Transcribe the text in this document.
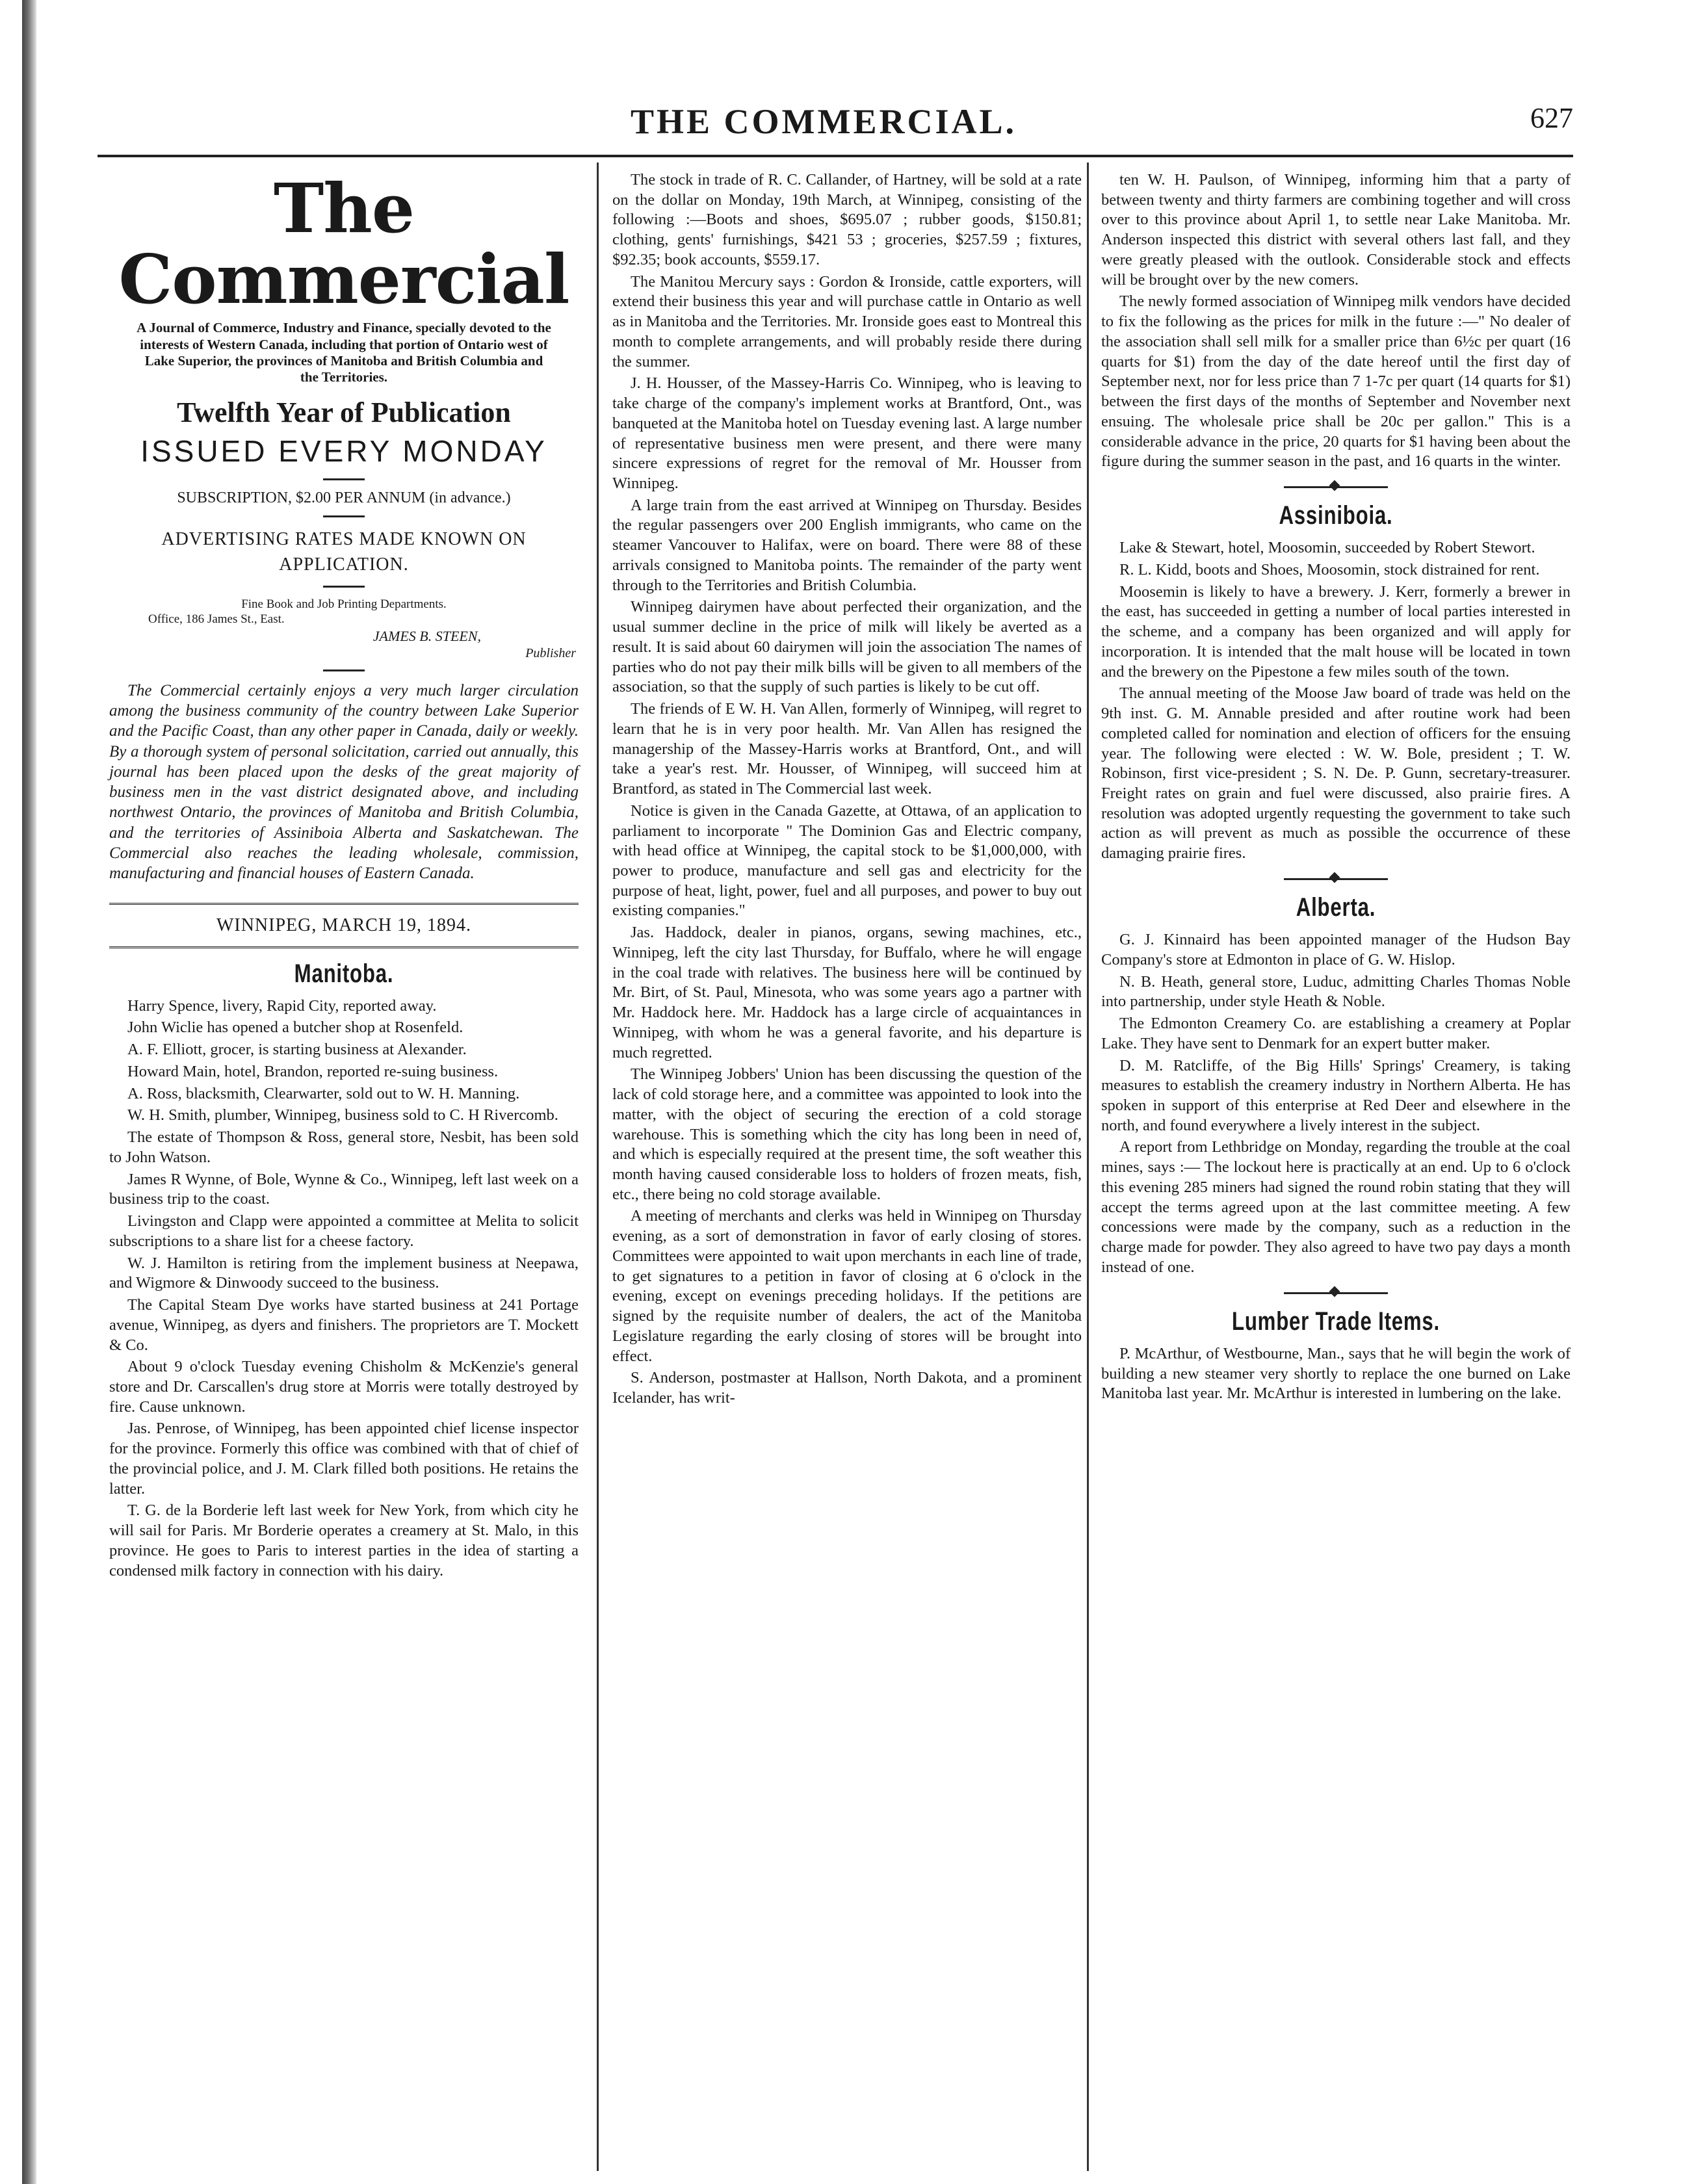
THE COMMERCIAL.	627
The Commercial
A Journal of Commerce, Industry and Finance, specially devoted to the interests of Western Canada, including that portion of Ontario west of Lake Superior, the provinces of Manitoba and British Columbia and the Territories.
Twelfth Year of Publication
ISSUED EVERY MONDAY
SUBSCRIPTION, $2.00 PER ANNUM (in advance.)
ADVERTISING RATES MADE KNOWN ON APPLICATION.
Fine Book and Job Printing Departments.
Office, 186 James St., East.
JAMES B. STEEN,
Publisher

The Commercial certainly enjoys a very much larger circulation among the business community of the country between Lake Superior and the Pacific Coast, than any other paper in Canada, daily or weekly. By a thorough system of personal solicitation, carried out annually, this journal has been placed upon the desks of the great majority of business men in the vast district designated above, and including northwest Ontario, the provinces of Manitoba and British Columbia, and the territories of Assiniboia Alberta and Saskatchewan. The Commercial also reaches the leading wholesale, commission, manufacturing and financial houses of Eastern Canada.

WINNIPEG, MARCH 19, 1894.
Manitoba.

Harry Spence, livery, Rapid City, reported away.

John Wiclie has opened a butcher shop at Rosenfeld.

A. F. Elliott, grocer, is starting business at Alexander.

Howard Main, hotel, Brandon, reported re-suing business.

A. Ross, blacksmith, Clearwarter, sold out to W. H. Manning.

W. H. Smith, plumber, Winnipeg, business sold to C. H Rivercomb.

The estate of Thompson & Ross, general store, Nesbit, has been sold to John Watson.

James R Wynne, of Bole, Wynne & Co., Winnipeg, left last week on a business trip to the coast.

Livingston and Clapp were appointed a committee at Melita to solicit subscriptions to a share list for a cheese factory.

W. J. Hamilton is retiring from the implement business at Neepawa, and Wigmore & Dinwoody succeed to the business.

The Capital Steam Dye works have started business at 241 Portage avenue, Winnipeg, as dyers and finishers. The proprietors are T. Mockett & Co.

About 9 o'clock Tuesday evening Chisholm & McKenzie's general store and Dr. Carscallen's drug store at Morris were totally destroyed by fire. Cause unknown.

Jas. Penrose, of Winnipeg, has been appointed chief license inspector for the province. Formerly this office was combined with that of chief of the provincial police, and J. M. Clark filled both positions. He retains the latter.

T. G. de la Borderie left last week for New York, from which city he will sail for Paris. Mr Borderie operates a creamery at St. Malo, in this province. He goes to Paris to interest parties in the idea of starting a condensed milk factory in connection with his dairy.

The stock in trade of R. C. Callander, of Hartney, will be sold at a rate on the dollar on Monday, 19th March, at Winnipeg, consisting of the following :—Boots and shoes, $695.07 ; rubber goods, $150.81; clothing, gents' furnishings, $421 53 ; groceries, $257.59 ; fixtures, $92.35; book accounts, $559.17.

The Manitou Mercury says : Gordon & Ironside, cattle exporters, will extend their business this year and will purchase cattle in Ontario as well as in Manitoba and the Territories. Mr. Ironside goes east to Montreal this month to complete arrangements, and will probably reside there during the summer.

J. H. Housser, of the Massey-Harris Co. Winnipeg, who is leaving to take charge of the company's implement works at Brantford, Ont., was banqueted at the Manitoba hotel on Tuesday evening last. A large number of representative business men were present, and there were many sincere expressions of regret for the removal of Mr. Housser from Winnipeg.

A large train from the east arrived at Winnipeg on Thursday. Besides the regular passengers over 200 English immigrants, who came on the steamer Vancouver to Halifax, were on board. There were 88 of these arrivals consigned to Manitoba points. The remainder of the party went through to the Territories and British Columbia.

Winnipeg dairymen have about perfected their organization, and the usual summer decline in the price of milk will likely be averted as a result. It is said about 60 dairymen will join the association The names of parties who do not pay their milk bills will be given to all members of the association, so that the supply of such parties is likely to be cut off.

The friends of E W. H. Van Allen, formerly of Winnipeg, will regret to learn that he is in very poor health. Mr. Van Allen has resigned the managership of the Massey-Harris works at Brantford, Ont., and will take a year's rest. Mr. Housser, of Winnipeg, will succeed him at Brantford, as stated in The Commercial last week.

Notice is given in the Canada Gazette, at Ottawa, of an application to parliament to incorporate " The Dominion Gas and Electric company, with head office at Winnipeg, the capital stock to be $1,000,000, with power to produce, manufacture and sell gas and electricity for the purpose of heat, light, power, fuel and all purposes, and power to buy out existing companies."

Jas. Haddock, dealer in pianos, organs, sewing machines, etc., Winnipeg, left the city last Thursday, for Buffalo, where he will engage in the coal trade with relatives. The business here will be continued by Mr. Birt, of St. Paul, Minesota, who was some years ago a partner with Mr. Haddock here. Mr. Haddock has a large circle of acquaintances in Winnipeg, with whom he was a general favorite, and his departure is much regretted.

The Winnipeg Jobbers' Union has been discussing the question of the lack of cold storage here, and a committee was appointed to look into the matter, with the object of securing the erection of a cold storage warehouse. This is something which the city has long been in need of, and which is especially required at the present time, the soft weather this month having caused considerable loss to holders of frozen meats, fish, etc., there being no cold storage available.

A meeting of merchants and clerks was held in Winnipeg on Thursday evening, as a sort of demonstration in favor of early closing of stores. Committees were appointed to wait upon merchants in each line of trade, to get signatures to a petition in favor of closing at 6 o'clock in the evening, except on evenings preceding holidays. If the petitions are signed by the requisite number of dealers, the act of the Manitoba Legislature regarding the early closing of stores will be brought into effect.

S. Anderson, postmaster at Hallson, North Dakota, and a prominent Icelander, has writ-

ten W. H. Paulson, of Winnipeg, informing him that a party of between twenty and thirty farmers are combining together and will cross over to this province about April 1, to settle near Lake Manitoba. Mr. Anderson inspected this district with several others last fall, and they were greatly pleased with the outlook. Considerable stock and effects will be brought over by the new comers.

The newly formed association of Winnipeg milk vendors have decided to fix the following as the prices for milk in the future :—" No dealer of the association shall sell milk for a smaller price than 6½c per quart (16 quarts for $1) from the day of the date hereof until the first day of September next, nor for less price than 7 1-7c per quart (14 quarts for $1) between the first days of the months of September and November next ensuing. The wholesale price shall be 20c per gallon." This is a considerable advance in the price, 20 quarts for $1 having been about the figure during the summer season in the past, and 16 quarts in the winter.

Assiniboia.

Lake & Stewart, hotel, Moosomin, succeeded by Robert Stewort.

R. L. Kidd, boots and Shoes, Moosomin, stock distrained for rent.

Moosemin is likely to have a brewery. J. Kerr, formerly a brewer in the east, has succeeded in getting a number of local parties interested in the scheme, and a company has been organized and will apply for incorporation. It is intended that the malt house will be located in town and the brewery on the Pipestone a few miles south of the town.

The annual meeting of the Moose Jaw board of trade was held on the 9th inst. G. M. Annable presided and after routine work had been completed called for nomination and election of officers for the ensuing year. The following were elected : W. W. Bole, president ; T. W. Robinson, first vice-president ; S. N. De. P. Gunn, secretary-treasurer. Freight rates on grain and fuel were discussed, also prairie fires. A resolution was adopted urgently requesting the government to take such action as will prevent as much as possible the occurrence of these damaging prairie fires.

Alberta.

G. J. Kinnaird has been appointed manager of the Hudson Bay Company's store at Edmonton in place of G. W. Hislop.

N. B. Heath, general store, Luduc, admitting Charles Thomas Noble into partnership, under style Heath & Noble.

The Edmonton Creamery Co. are establishing a creamery at Poplar Lake. They have sent to Denmark for an expert butter maker.

D. M. Ratcliffe, of the Big Hills' Springs' Creamery, is taking measures to establish the creamery industry in Northern Alberta. He has spoken in support of this enterprise at Red Deer and elsewhere in the north, and found everywhere a lively interest in the subject.

A report from Lethbridge on Monday, regarding the trouble at the coal mines, says :— The lockout here is practically at an end. Up to 6 o'clock this evening 285 miners had signed the round robin stating that they will accept the terms agreed upon at the last committee meeting. A few concessions were made by the company, such as a reduction in the charge made for powder. They also agreed to have two pay days a month instead of one.

Lumber Trade Items.

P. McArthur, of Westbourne, Man., says that he will begin the work of building a new steamer very shortly to replace the one burned on Lake Manitoba last year. Mr. McArthur is interested in lumbering on the lake.
